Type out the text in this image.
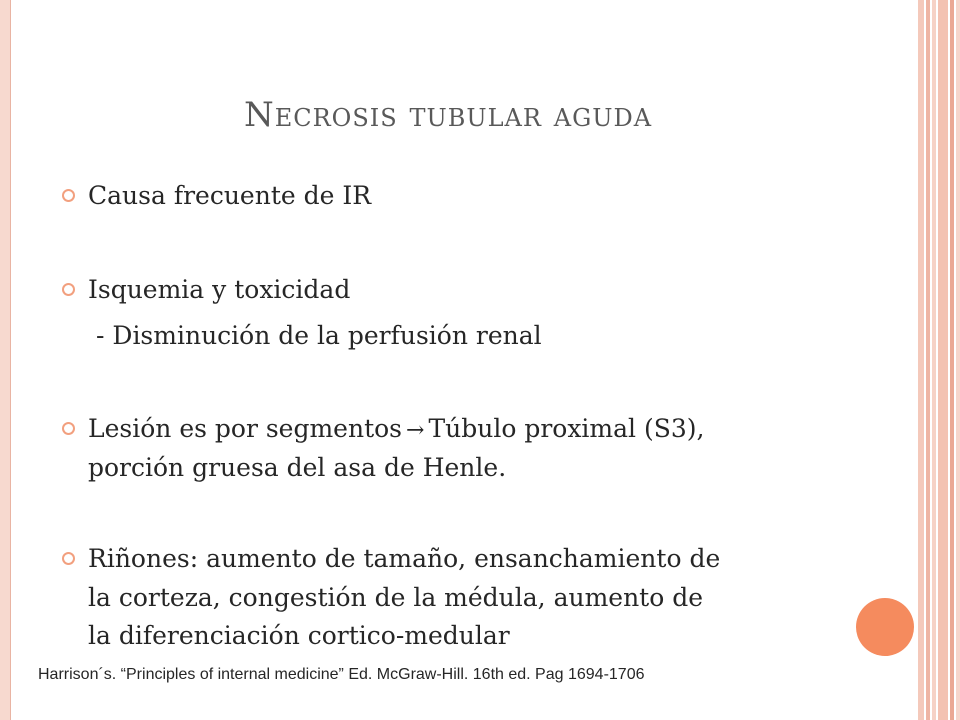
Necrosis tubular aguda
Causa frecuente de IR
Isquemia y toxicidad
- Disminución de la perfusión renal
Lesión es por segmentos → Túbulo proximal (S3),
porción gruesa del asa de Henle.
Riñones: aumento de tamaño, ensanchamiento de
la corteza, congestión de la médula, aumento de
la diferenciación cortico-medular
Harrison´s. “Principles of internal medicine” Ed. McGraw-Hill. 16th ed. Pag 1694-1706
